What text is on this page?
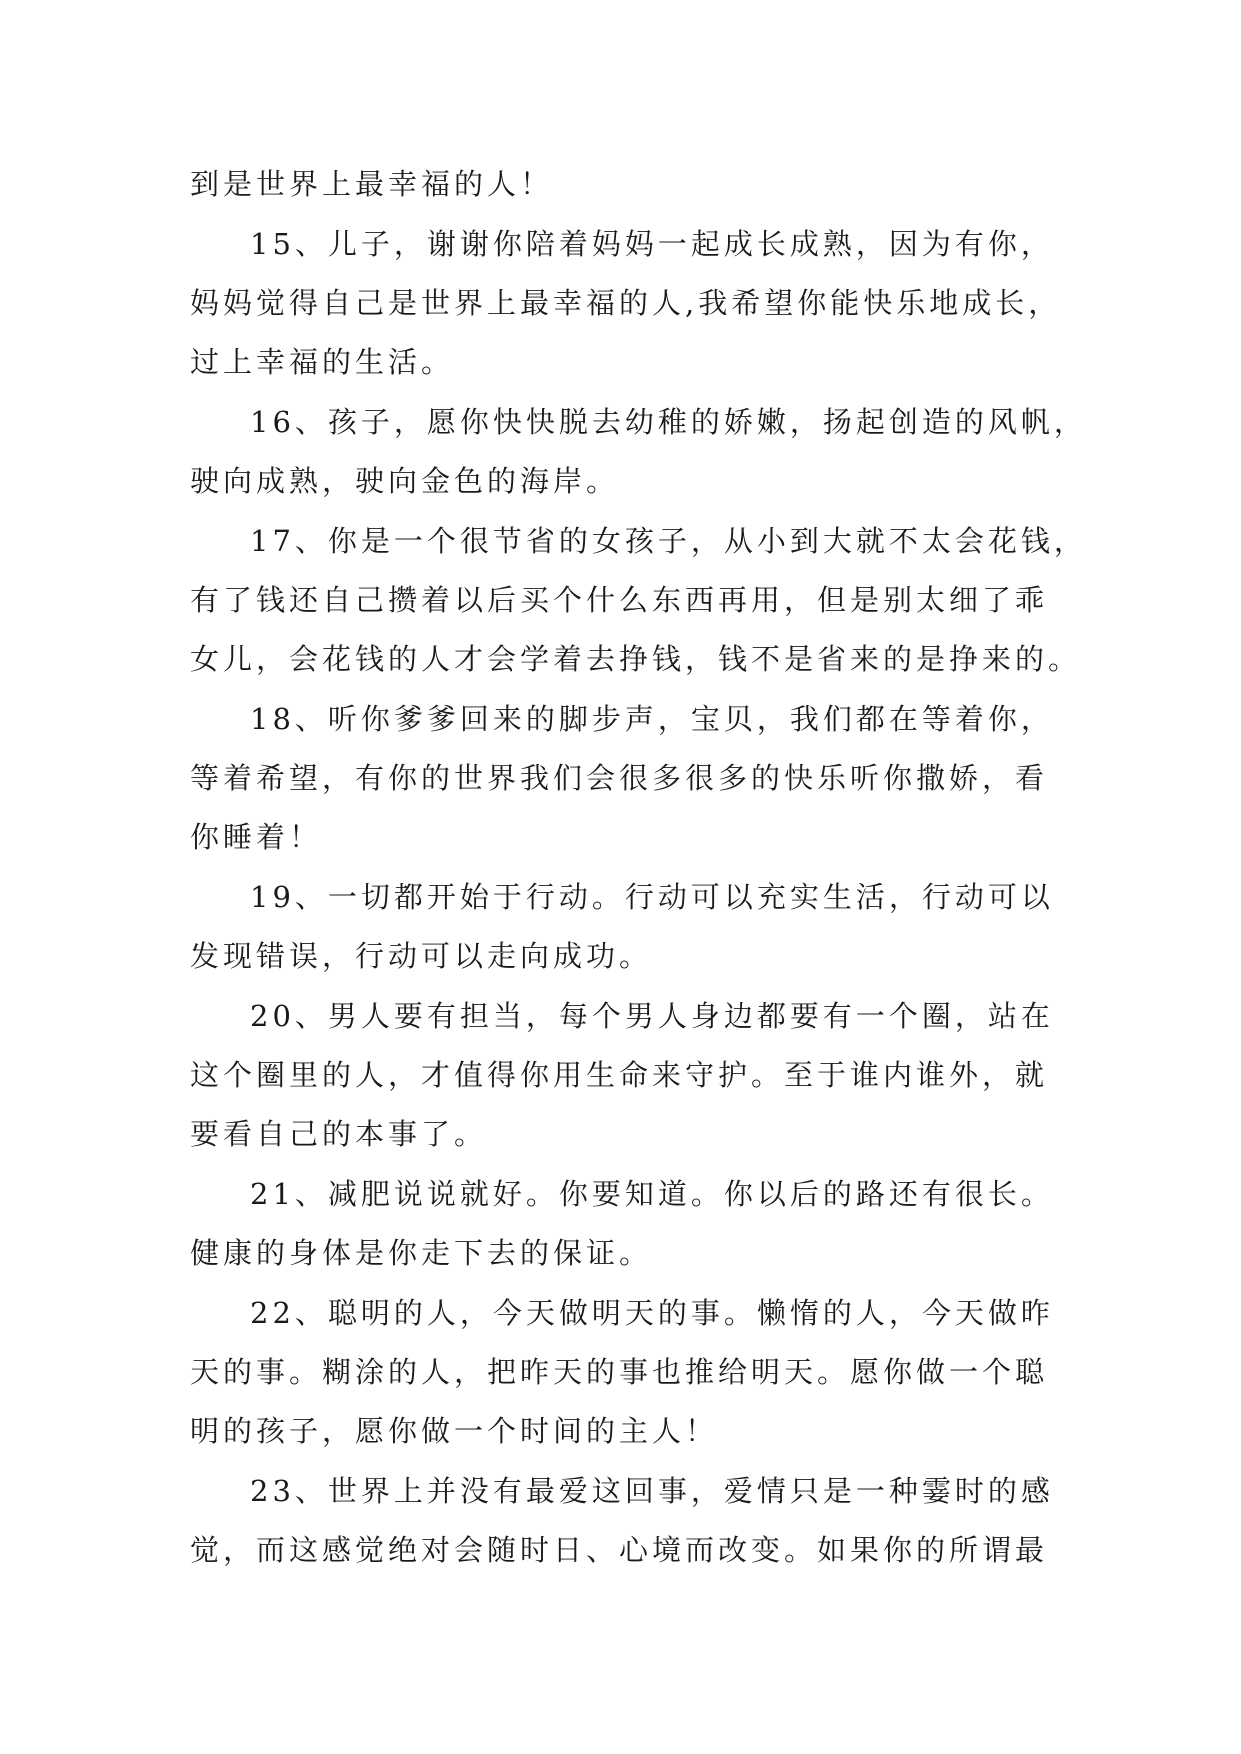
到是世界上最幸福的人！

15、儿子，谢谢你陪着妈妈一起成长成熟，因为有你，
妈妈觉得自己是世界上最幸福的人,我希望你能快乐地成长，
过上幸福的生活。

16、孩子，愿你快快脱去幼稚的娇嫩，扬起创造的风帆，
驶向成熟，驶向金色的海岸。

17、你是一个很节省的女孩子，从小到大就不太会花钱，
有了钱还自己攒着以后买个什么东西再用，但是别太细了乖
女儿，会花钱的人才会学着去挣钱，钱不是省来的是挣来的。

18、听你爹爹回来的脚步声，宝贝，我们都在等着你，
等着希望，有你的世界我们会很多很多的快乐听你撒娇，看
你睡着！

19、一切都开始于行动。行动可以充实生活，行动可以
发现错误，行动可以走向成功。

20、男人要有担当，每个男人身边都要有一个圈，站在
这个圈里的人，才值得你用生命来守护。至于谁内谁外，就
要看自己的本事了。

21、减肥说说就好。你要知道。你以后的路还有很长。
健康的身体是你走下去的保证。

22、聪明的人，今天做明天的事。懒惰的人，今天做昨
天的事。糊涂的人，把昨天的事也推给明天。愿你做一个聪
明的孩子，愿你做一个时间的主人！

23、世界上并没有最爱这回事，爱情只是一种霎时的感
觉，而这感觉绝对会随时日、心境而改变。如果你的所谓最
